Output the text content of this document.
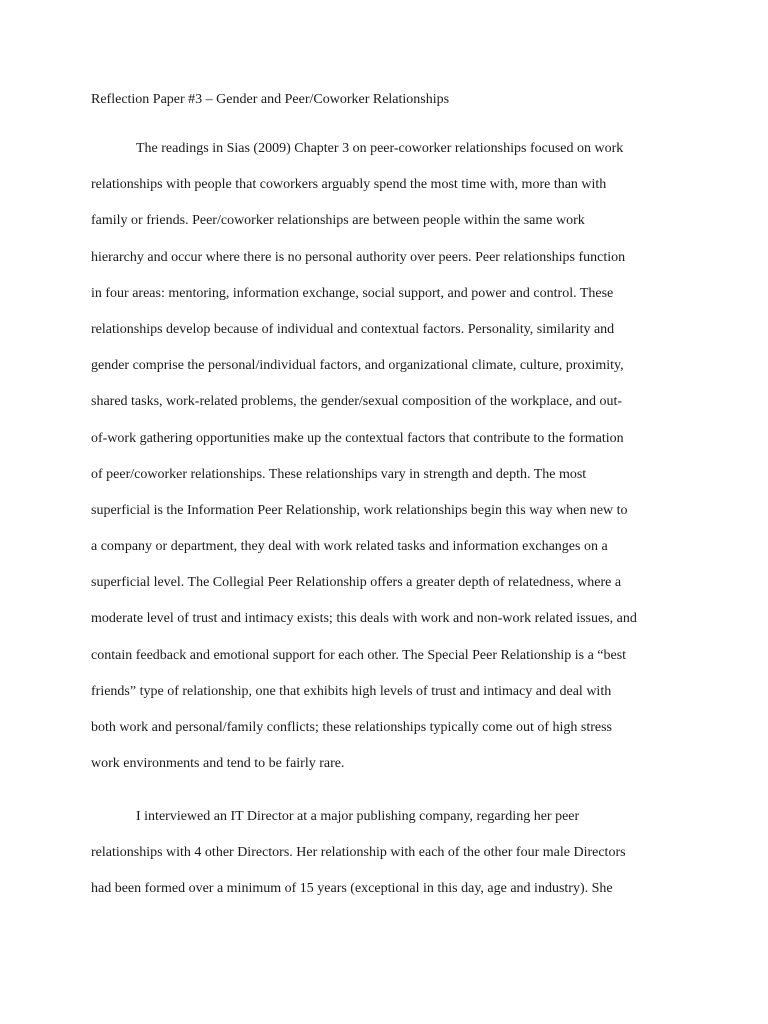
Reflection Paper #3 – Gender and Peer/Coworker Relationships
The readings in Sias (2009) Chapter 3 on peer-coworker relationships focused on work
relationships with people that coworkers arguably spend the most time with, more than with
family or friends. Peer/coworker relationships are between people within the same work
hierarchy and occur where there is no personal authority over peers. Peer relationships function
in four areas: mentoring, information exchange, social support, and power and control. These
relationships develop because of individual and contextual factors. Personality, similarity and
gender comprise the personal/individual factors, and organizational climate, culture, proximity,
shared tasks, work-related problems, the gender/sexual composition of the workplace, and out-
of-work gathering opportunities make up the contextual factors that contribute to the formation
of peer/coworker relationships. These relationships vary in strength and depth. The most
superficial is the Information Peer Relationship, work relationships begin this way when new to
a company or department, they deal with work related tasks and information exchanges on a
superficial level. The Collegial Peer Relationship offers a greater depth of relatedness, where a
moderate level of trust and intimacy exists; this deals with work and non-work related issues, and
contain feedback and emotional support for each other. The Special Peer Relationship is a “best
friends” type of relationship, one that exhibits high levels of trust and intimacy and deal with
both work and personal/family conflicts; these relationships typically come out of high stress
work environments and tend to be fairly rare.
I interviewed an IT Director at a major publishing company, regarding her peer
relationships with 4 other Directors. Her relationship with each of the other four male Directors
had been formed over a minimum of 15 years (exceptional in this day, age and industry). She
